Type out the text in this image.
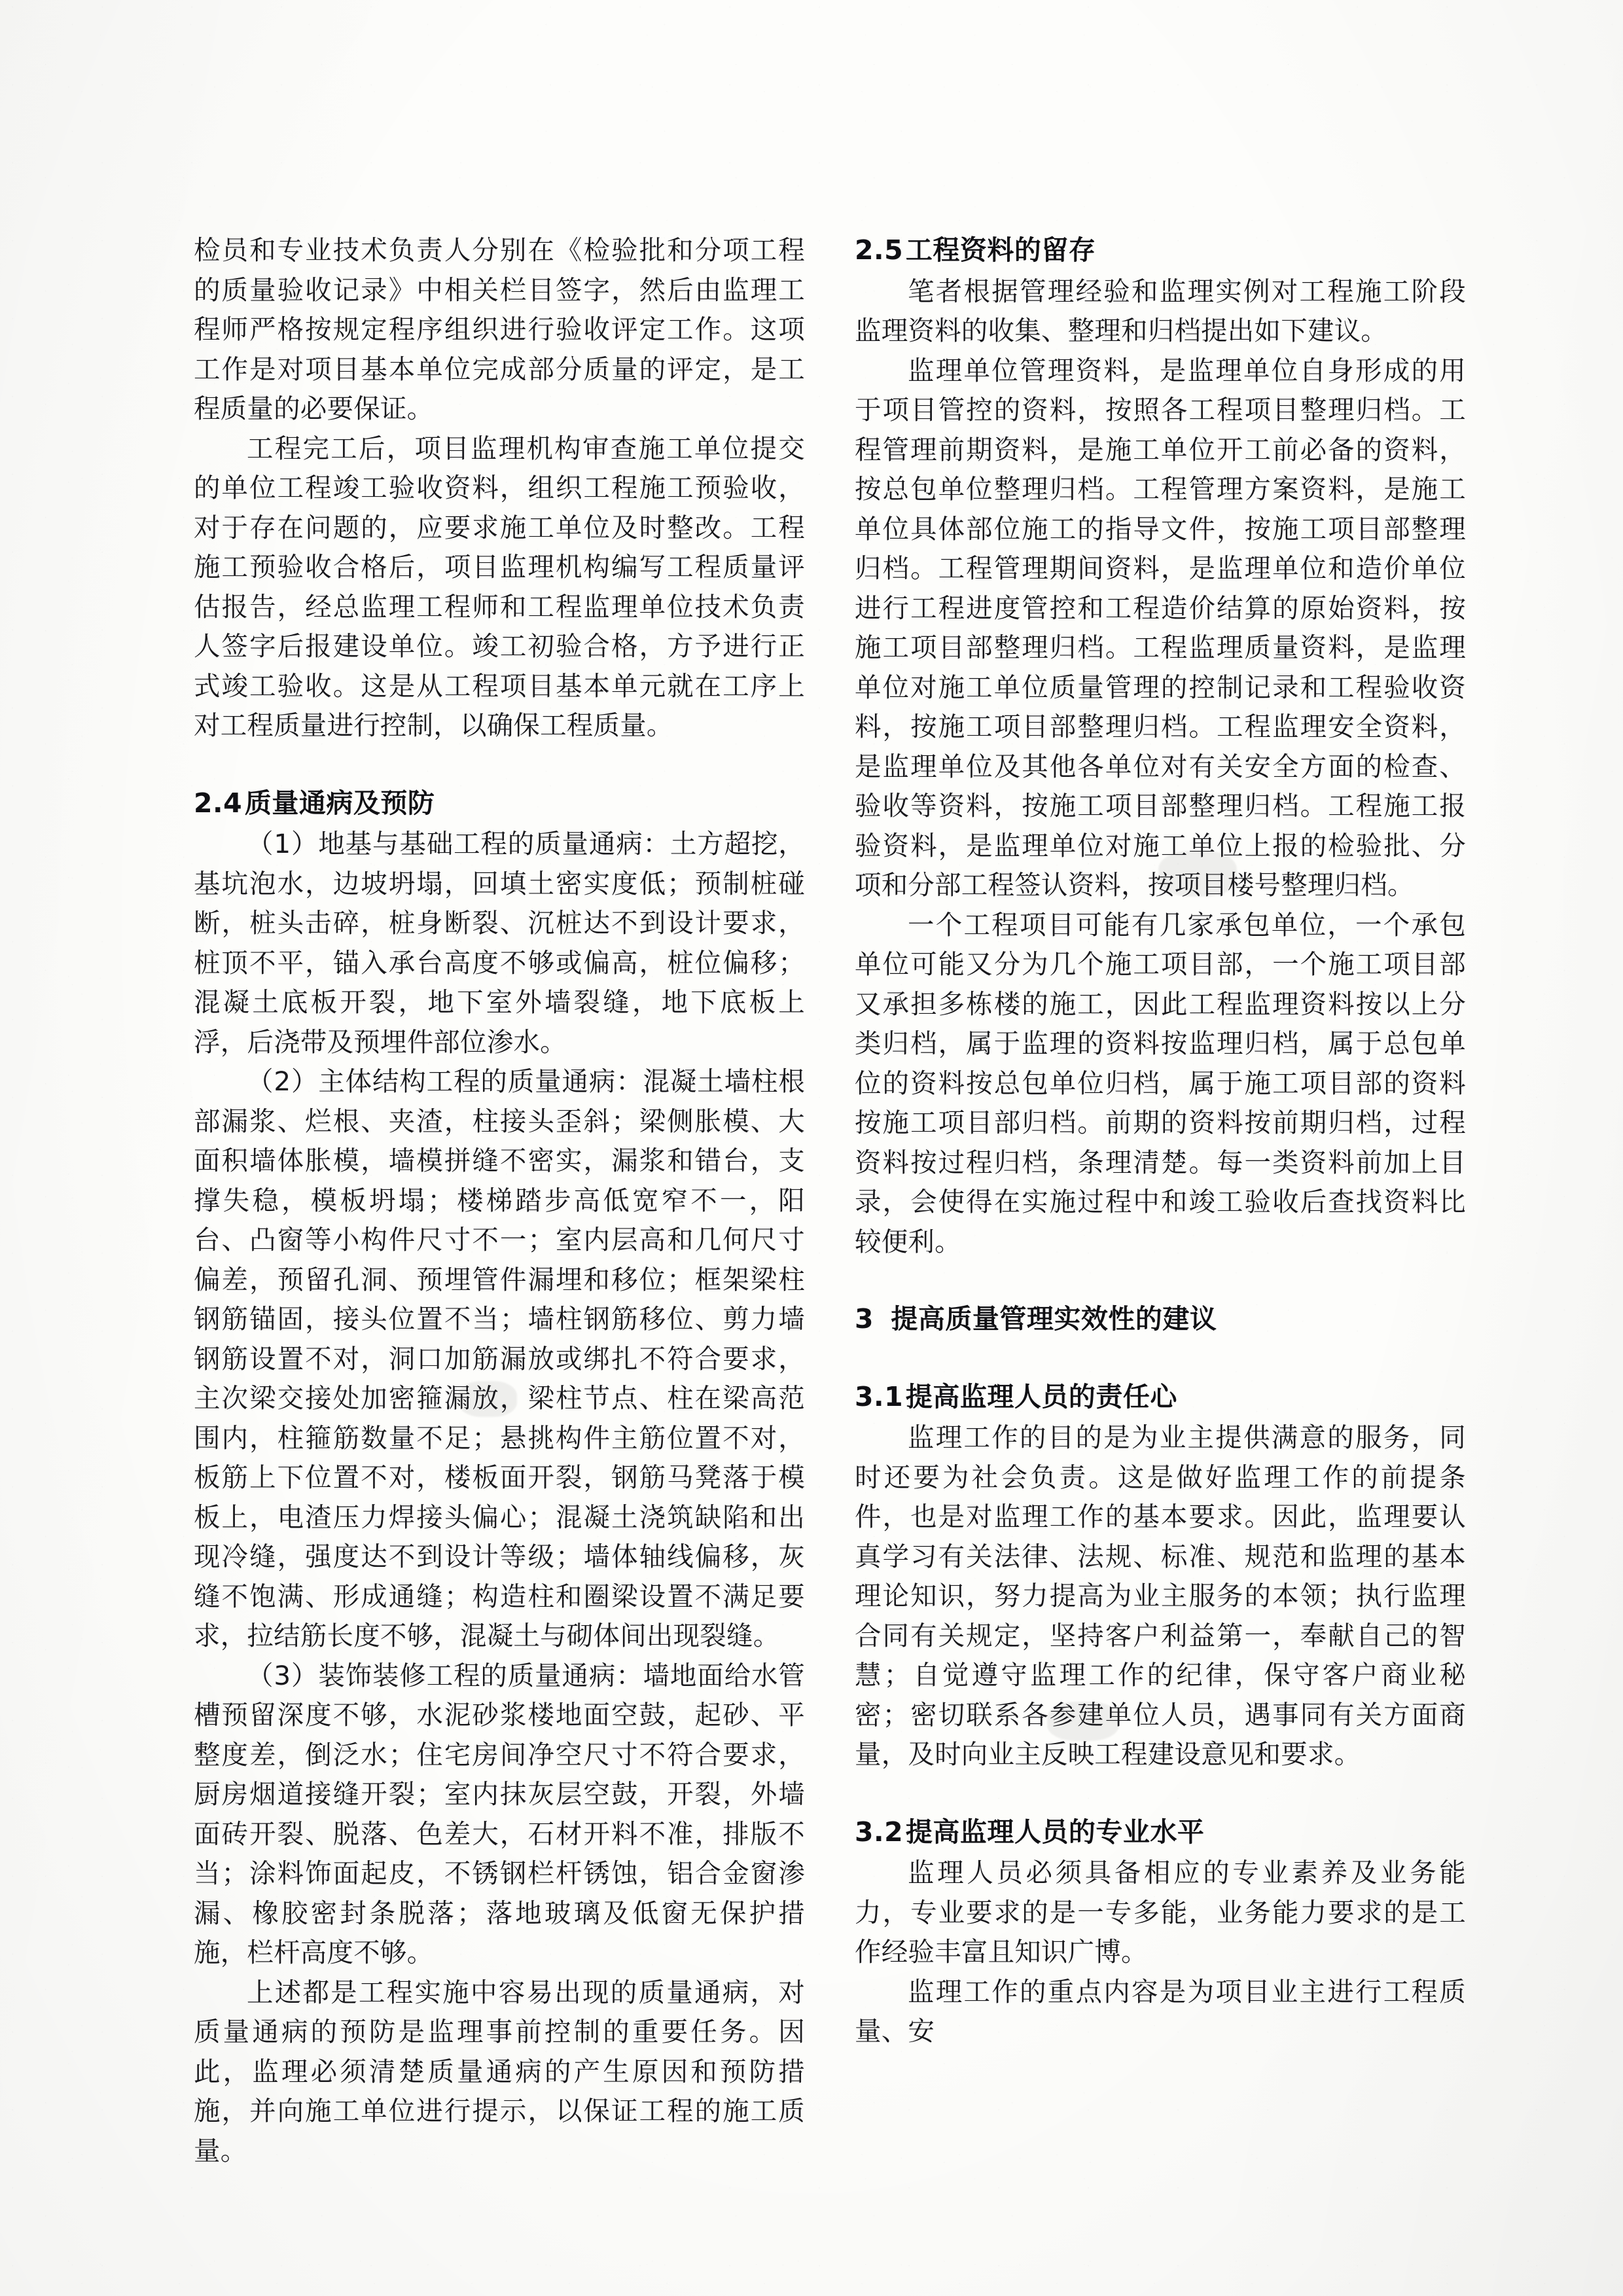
检员和专业技术负责人分别在《检验批和分项工程的质量验收记录》中相关栏目签字，然后由监理工程师严格按规定程序组织进行验收评定工作。这项工作是对项目基本单位完成部分质量的评定，是工程质量的必要保证。

工程完工后，项目监理机构审查施工单位提交的单位工程竣工验收资料，组织工程施工预验收，对于存在问题的，应要求施工单位及时整改。工程施工预验收合格后，项目监理机构编写工程质量评估报告，经总监理工程师和工程监理单位技术负责人签字后报建设单位。竣工初验合格，方予进行正式竣工验收。这是从工程项目基本单元就在工序上对工程质量进行控制，以确保工程质量。

2.4质量通病及预防

（1）地基与基础工程的质量通病：土方超挖，基坑泡水，边坡坍塌，回填土密实度低；预制桩碰断，桩头击碎，桩身断裂、沉桩达不到设计要求，桩顶不平，锚入承台高度不够或偏高，桩位偏移；混凝土底板开裂，地下室外墙裂缝，地下底板上浮，后浇带及预埋件部位渗水。

（2）主体结构工程的质量通病：混凝土墙柱根部漏浆、烂根、夹渣，柱接头歪斜；梁侧胀模、大面积墙体胀模，墙模拼缝不密实，漏浆和错台，支撑失稳，模板坍塌；楼梯踏步高低宽窄不一，阳台、凸窗等小构件尺寸不一；室内层高和几何尺寸偏差，预留孔洞、预埋管件漏埋和移位；框架梁柱钢筋锚固，接头位置不当；墙柱钢筋移位、剪力墙钢筋设置不对，洞口加筋漏放或绑扎不符合要求，主次梁交接处加密箍漏放，梁柱节点、柱在梁高范围内，柱箍筋数量不足；悬挑构件主筋位置不对，板筋上下位置不对，楼板面开裂，钢筋马凳落于模板上，电渣压力焊接头偏心；混凝土浇筑缺陷和出现冷缝，强度达不到设计等级；墙体轴线偏移，灰缝不饱满、形成通缝；构造柱和圈梁设置不满足要求，拉结筋长度不够，混凝土与砌体间出现裂缝。

（3）装饰装修工程的质量通病：墙地面给水管槽预留深度不够，水泥砂浆楼地面空鼓，起砂、平整度差，倒泛水；住宅房间净空尺寸不符合要求，厨房烟道接缝开裂；室内抹灰层空鼓，开裂，外墙面砖开裂、脱落、色差大，石材开料不准，排版不当；涂料饰面起皮，不锈钢栏杆锈蚀，铝合金窗渗漏、橡胶密封条脱落；落地玻璃及低窗无保护措施，栏杆高度不够。

上述都是工程实施中容易出现的质量通病，对质量通病的预防是监理事前控制的重要任务。因此，监理必须清楚质量通病的产生原因和预防措施，并向施工单位进行提示，以保证工程的施工质量。

2.5工程资料的留存

笔者根据管理经验和监理实例对工程施工阶段监理资料的收集、整理和归档提出如下建议。

监理单位管理资料，是监理单位自身形成的用于项目管控的资料，按照各工程项目整理归档。工程管理前期资料，是施工单位开工前必备的资料，按总包单位整理归档。工程管理方案资料，是施工单位具体部位施工的指导文件，按施工项目部整理归档。工程管理期间资料，是监理单位和造价单位进行工程进度管控和工程造价结算的原始资料，按施工项目部整理归档。工程监理质量资料，是监理单位对施工单位质量管理的控制记录和工程验收资料，按施工项目部整理归档。工程监理安全资料，是监理单位及其他各单位对有关安全方面的检查、验收等资料，按施工项目部整理归档。工程施工报验资料，是监理单位对施工单位上报的检验批、分项和分部工程签认资料，按项目楼号整理归档。

一个工程项目可能有几家承包单位，一个承包单位可能又分为几个施工项目部，一个施工项目部又承担多栋楼的施工，因此工程监理资料按以上分类归档，属于监理的资料按监理归档，属于总包单位的资料按总包单位归档，属于施工项目部的资料按施工项目部归档。前期的资料按前期归档，过程资料按过程归档，条理清楚。每一类资料前加上目录，会使得在实施过程中和竣工验收后查找资料比较便利。

3 提高质量管理实效性的建议
3.1提高监理人员的责任心

监理工作的目的是为业主提供满意的服务，同时还要为社会负责。这是做好监理工作的前提条件，也是对监理工作的基本要求。因此，监理要认真学习有关法律、法规、标准、规范和监理的基本理论知识，努力提高为业主服务的本领；执行监理合同有关规定，坚持客户利益第一，奉献自己的智慧；自觉遵守监理工作的纪律，保守客户商业秘密；密切联系各参建单位人员，遇事同有关方面商量，及时向业主反映工程建设意见和要求。

3.2提高监理人员的专业水平

监理人员必须具备相应的专业素养及业务能力，专业要求的是一专多能，业务能力要求的是工作经验丰富且知识广博。

监理工作的重点内容是为项目业主进行工程质量、安
